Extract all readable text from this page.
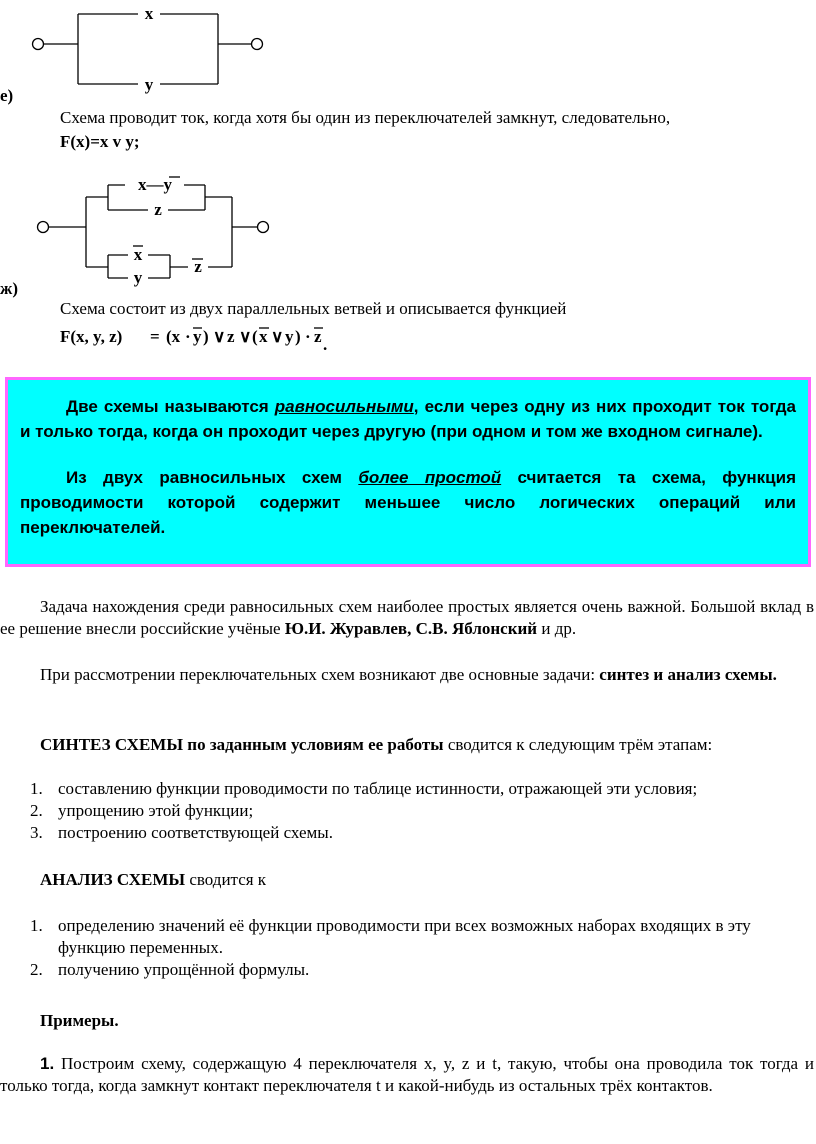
x
y
е)
Схема проводит ток, когда хотя бы один из переключателей замкнут, следовательно,
F(x)=x v y;
x—y
z
x
y
z
ж)
Схема состоит из двух параллельных ветвей и описывается функцией
F(x, y, z) = (x · y ) ∨ z ∨ ( x ∨ y ) · z .

Две схемы называются равносильными, если через одну из них проходит ток тогда и только тогда, когда он проходит через другую (при одном и том же входном сигнале).

Из двух равносильных схем более простой считается та схема, функция проводимости которой содержит меньшее число логических операций или переключателей.

Задача нахождения среди равносильных схем наиболее простых является очень важной. Большой вклад в ее решение внесли российские учёные Ю.И. Журавлев, С.В. Яблонский и др.
При рассмотрении переключательных схем возникают две основные задачи: синтез и анализ схемы.
СИНТЕЗ СХЕМЫ по заданным условиям ее работы сводится к следующим трём этапам:
1. составлению функции проводимости по таблице истинности, отражающей эти условия;
2. упрощению этой функции;
3. построению соответствующей схемы.
АНАЛИЗ СХЕМЫ сводится к
1. определению значений её функции проводимости при всех возможных наборах входящих в эту функцию переменных.
2. получению упрощённой формулы.
Примеры.
1. Построим схему, содержащую 4 переключателя x, y, z и t, такую, чтобы она проводила ток тогда и только тогда, когда замкнут контакт переключателя t и какой-нибудь из остальных трёх контактов.
